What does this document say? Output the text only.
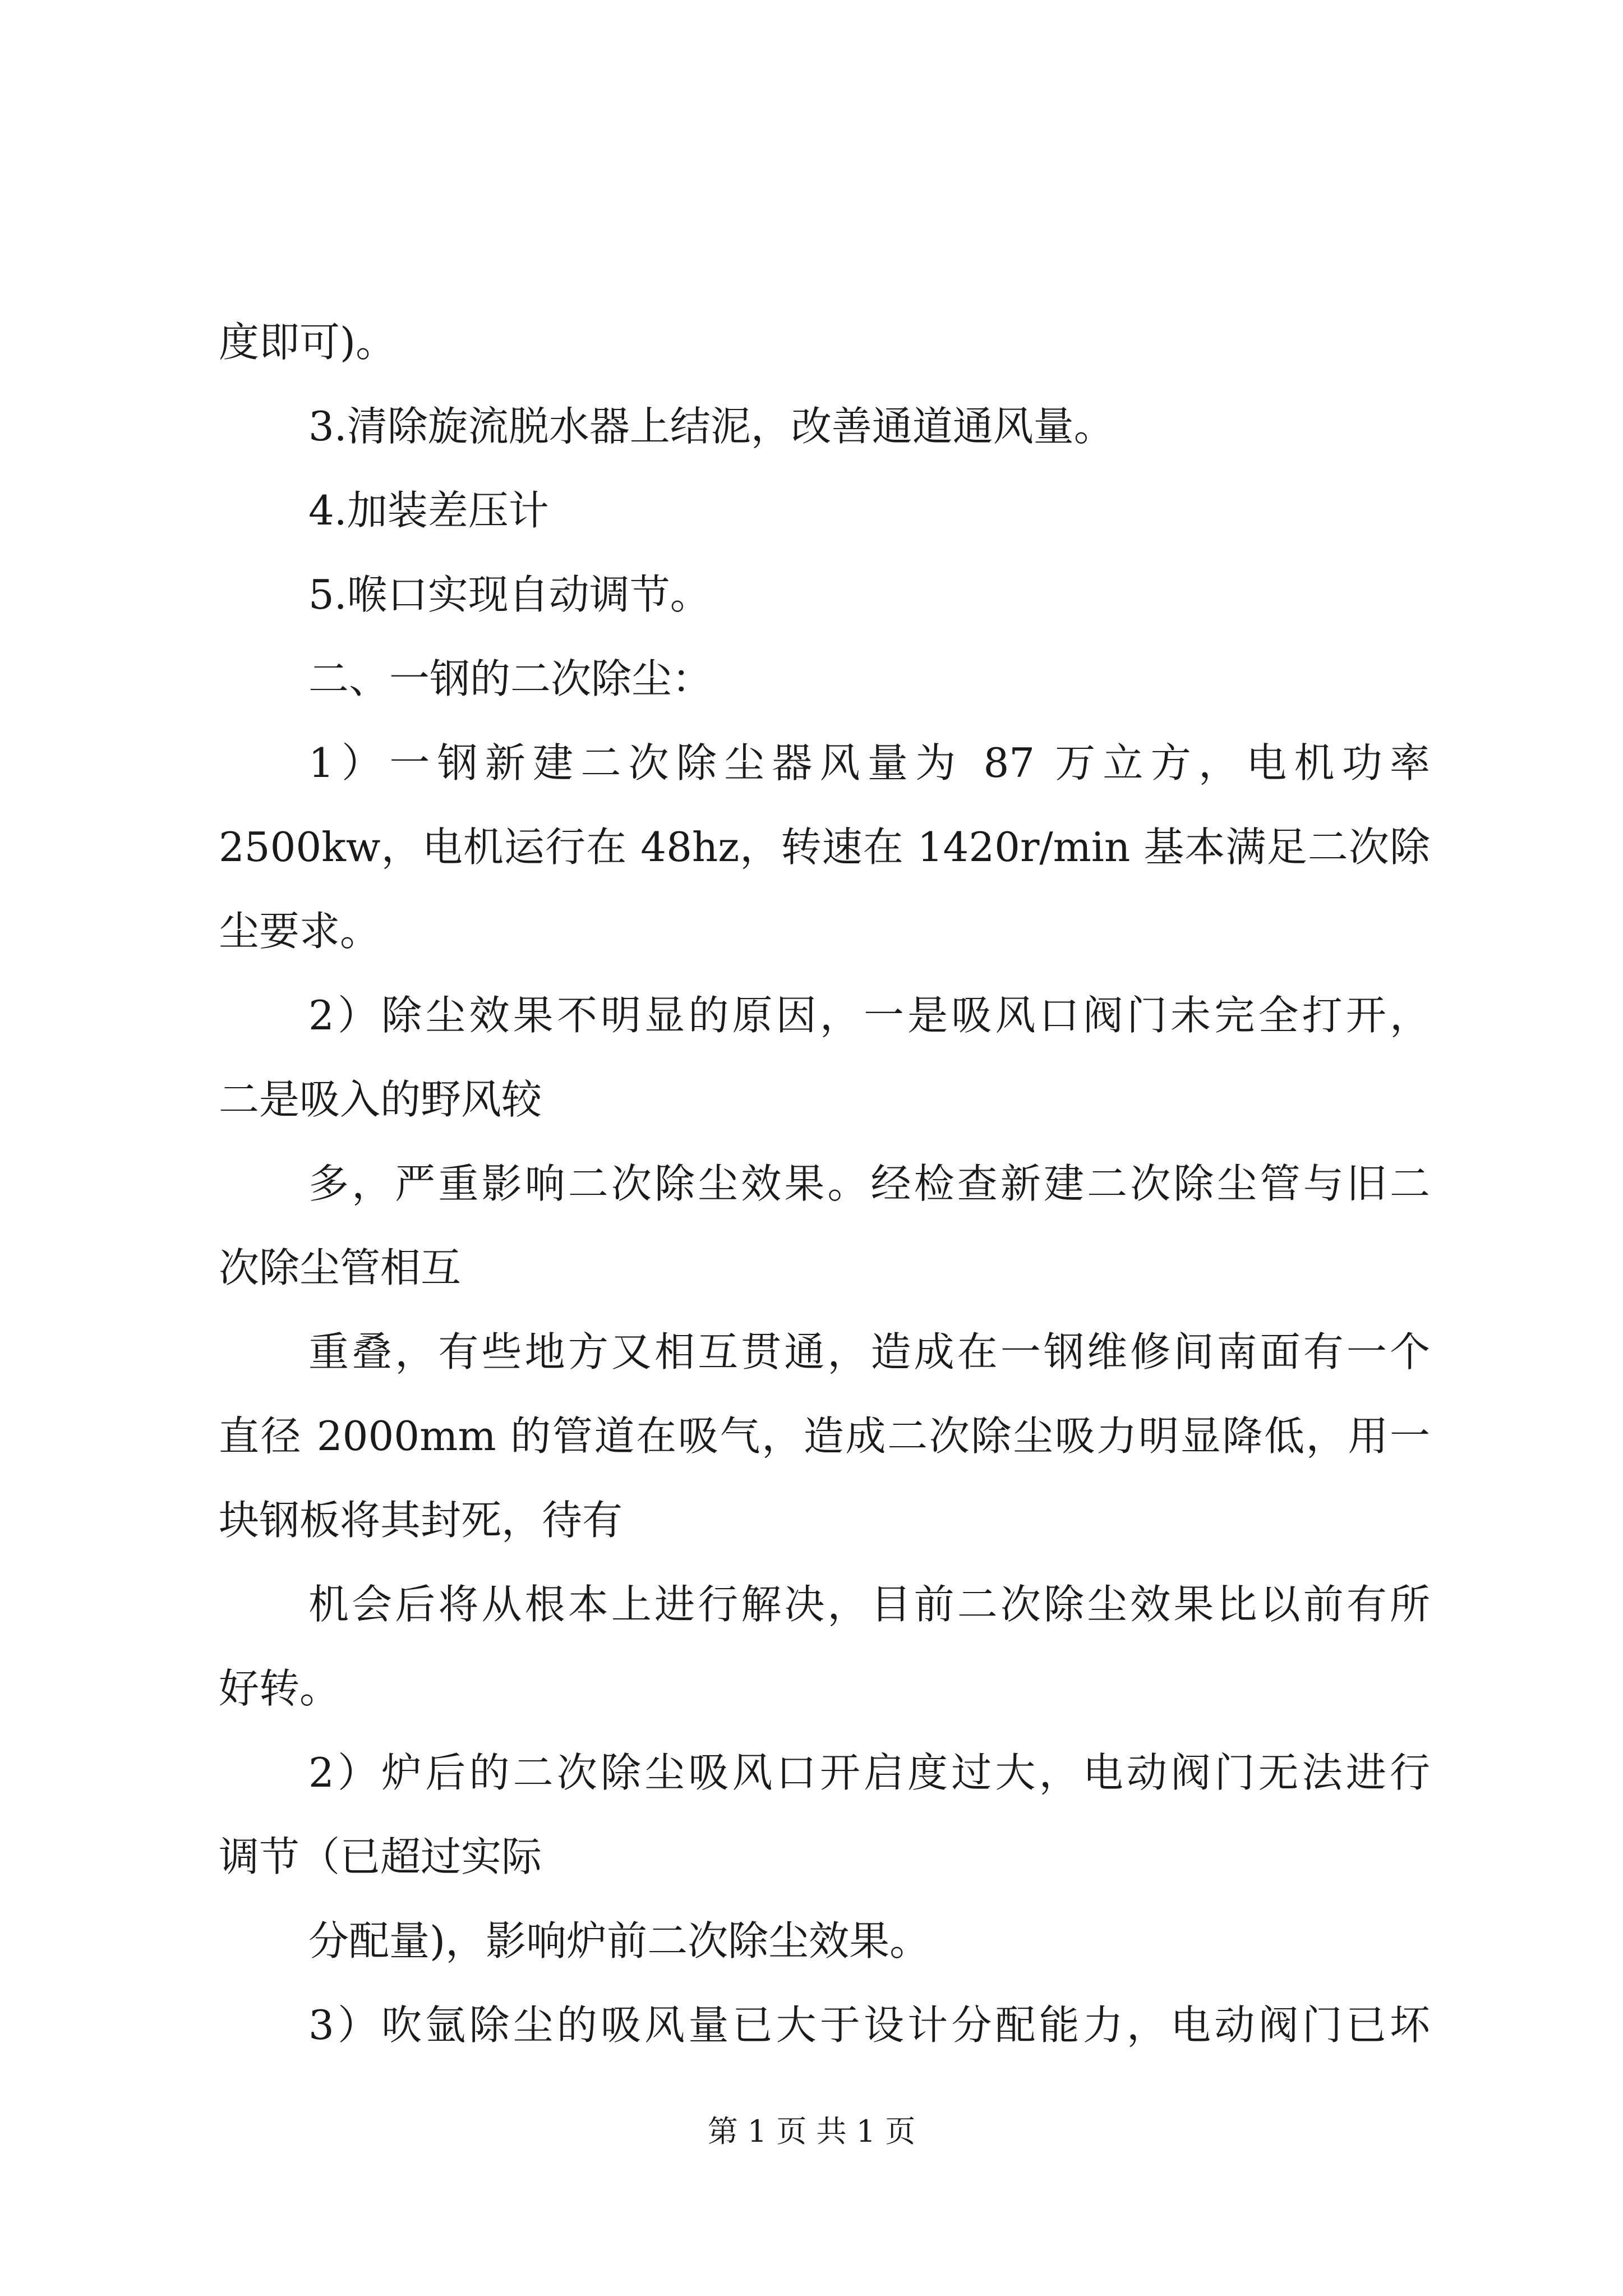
度即可)。

3.清除旋流脱水器上结泥，改善通道通风量。

4.加装差压计

5.喉口实现自动调节。

二、一钢的二次除尘：

1）一钢新建二次除尘器风量为 87 万立方，电机功率

2500kw，电机运行在 48hz，转速在 1420r/min 基本满足二次除

尘要求。

2）除尘效果不明显的原因，一是吸风口阀门未完全打开，

二是吸入的野风较

多，严重影响二次除尘效果。经检查新建二次除尘管与旧二

次除尘管相互

重叠，有些地方又相互贯通，造成在一钢维修间南面有一个

直径 2000mm 的管道在吸气，造成二次除尘吸力明显降低，用一

块钢板将其封死，待有

机会后将从根本上进行解决，目前二次除尘效果比以前有所

好转。

2）炉后的二次除尘吸风口开启度过大，电动阀门无法进行

调节（已超过实际

分配量)，影响炉前二次除尘效果。

3）吹氩除尘的吸风量已大于设计分配能力，电动阀门已坏

第 1 页 共 1 页
